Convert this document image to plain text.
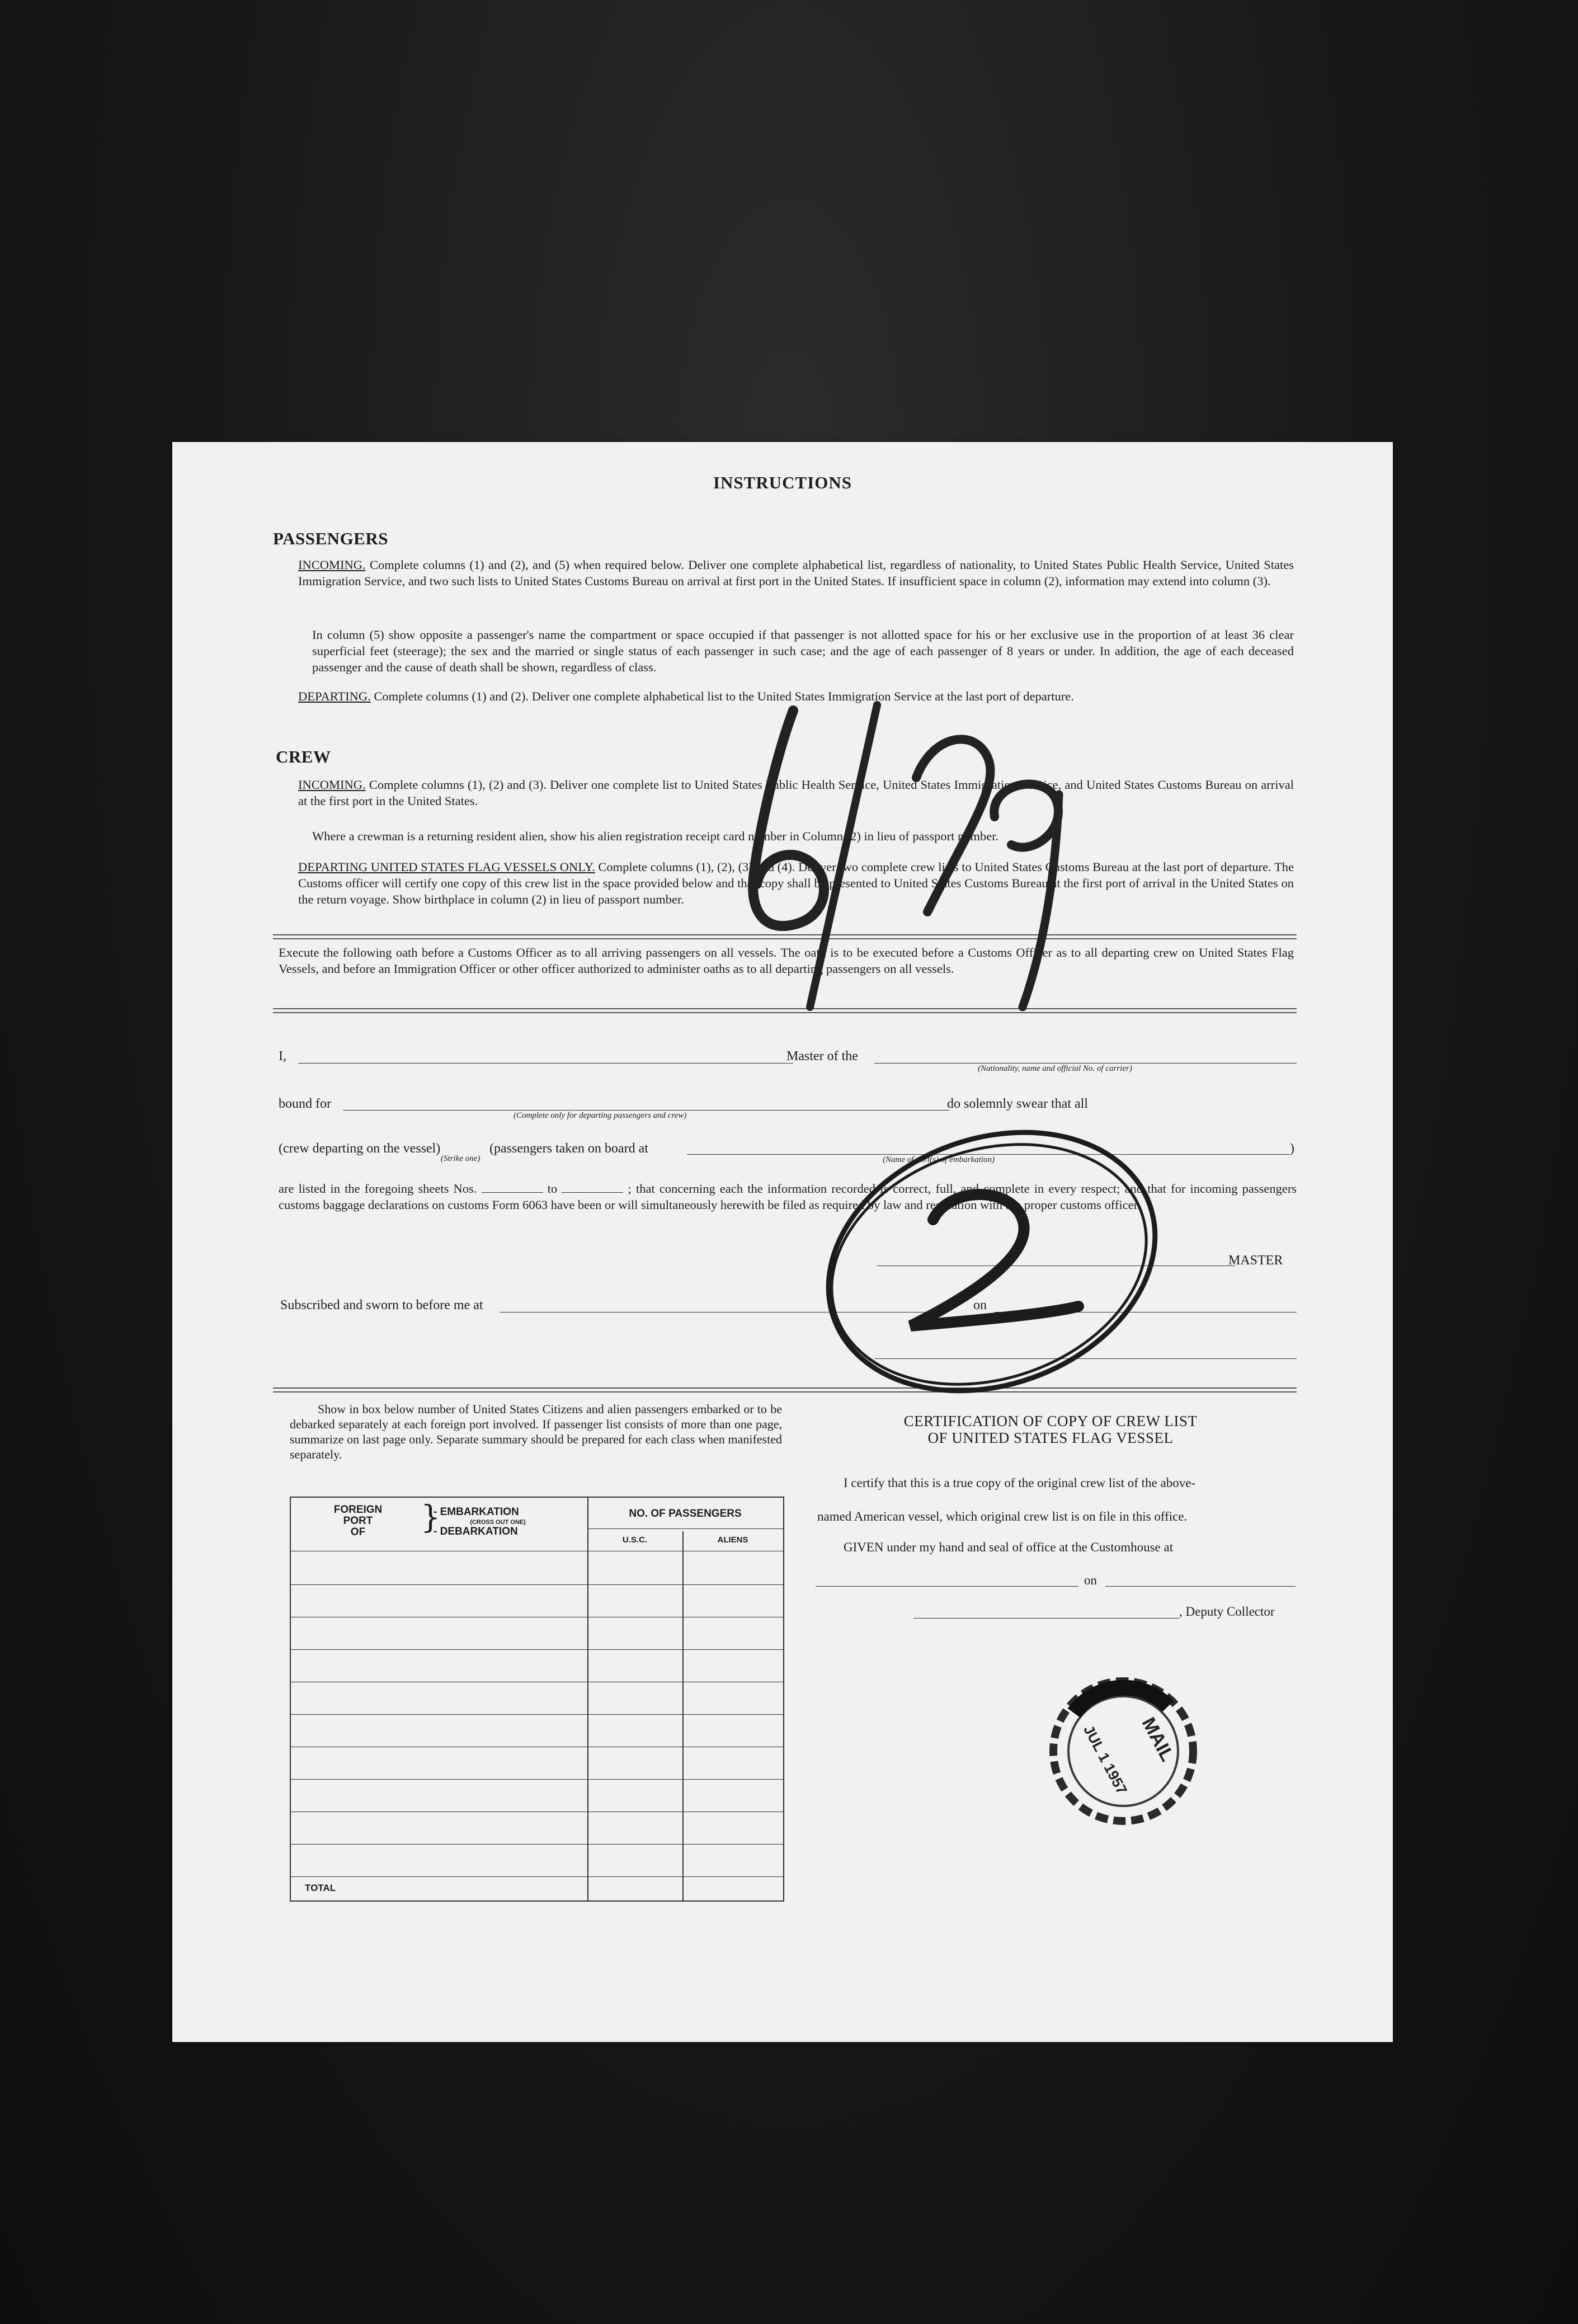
INSTRUCTIONS
PASSENGERS
INCOMING. Complete columns (1) and (2), and (5) when required below. Deliver one complete alphabetical list, regardless of nationality, to United States Public Health Service, United States Immigration Service, and two such lists to United States Customs Bureau on arrival at first port in the United States. If insufficient space in column (2), information may extend into column (3).
In column (5) show opposite a passenger's name the compartment or space occupied if that passenger is not allotted space for his or her exclusive use in the proportion of at least 36 clear superficial feet (steerage); the sex and the married or single status of each passenger in such case; and the age of each passenger of 8 years or under. In addition, the age of each deceased passenger and the cause of death shall be shown, regardless of class.
DEPARTING. Complete columns (1) and (2). Deliver one complete alphabetical list to the United States Immigration Service at the last port of departure.
CREW
INCOMING. Complete columns (1), (2) and (3). Deliver one complete list to United States Public Health Service, United States Immigration Service, and United States Customs Bureau on arrival at the first port in the United States.
Where a crewman is a returning resident alien, show his alien registration receipt card number in Column (2) in lieu of passport number.
DEPARTING UNITED STATES FLAG VESSELS ONLY. Complete columns (1), (2), (3) and (4). Deliver two complete crew lists to United States Customs Bureau at the last port of departure. The Customs officer will certify one copy of this crew list in the space provided below and that copy shall be presented to United States Customs Bureau at the first port of arrival in the United States on the return voyage. Show birthplace in column (2) in lieu of passport number.
Execute the following oath before a Customs Officer as to all arriving passengers on all vessels. The oath is to be executed before a Customs Officer as to all departing crew on United States Flag Vessels, and before an Immigration Officer or other officer authorized to administer oaths as to all departing passengers on all vessels.
I,	Master of the
(Nationality, name and official No. of carrier)
bound for
(Complete only for departing passengers and crew)
do solemnly swear that all
(crew departing on the vessel)	(passengers taken on board at	)
(Strike one)	(Name of port(s) of embarkation)
are listed in the foregoing sheets Nos.	to	; that concerning each the information recorded is correct, full, and complete in every respect; and that for incoming passengers customs baggage declarations on customs Form 6063 have been or will simultaneously herewith be filed as required by law and regulation with the proper customs officer.
MASTER
Subscribed and sworn to before me at	on
Show in box below number of United States Citizens and alien passengers embarked or to be debarked separately at each foreign port involved. If passenger list consists of more than one page, summarize on last page only. Separate summary should be prepared for each class when manifested separately.
FOREIGN
PORT
OF	}
- EMBARKATION
(CROSS OUT ONE)
- DEBARKATION
NO. OF PASSENGERS
U.S.C.	ALIENS
TOTAL
CERTIFICATION OF COPY OF CREW LIST
OF UNITED STATES FLAG VESSEL
I certify that this is a true copy of the original crew list of the above-
named American vessel, which original crew list is on file in this office.
GIVEN under my hand and seal of office at the Customhouse at
on
, Deputy Collector
MAIL
JUL 1 1957
